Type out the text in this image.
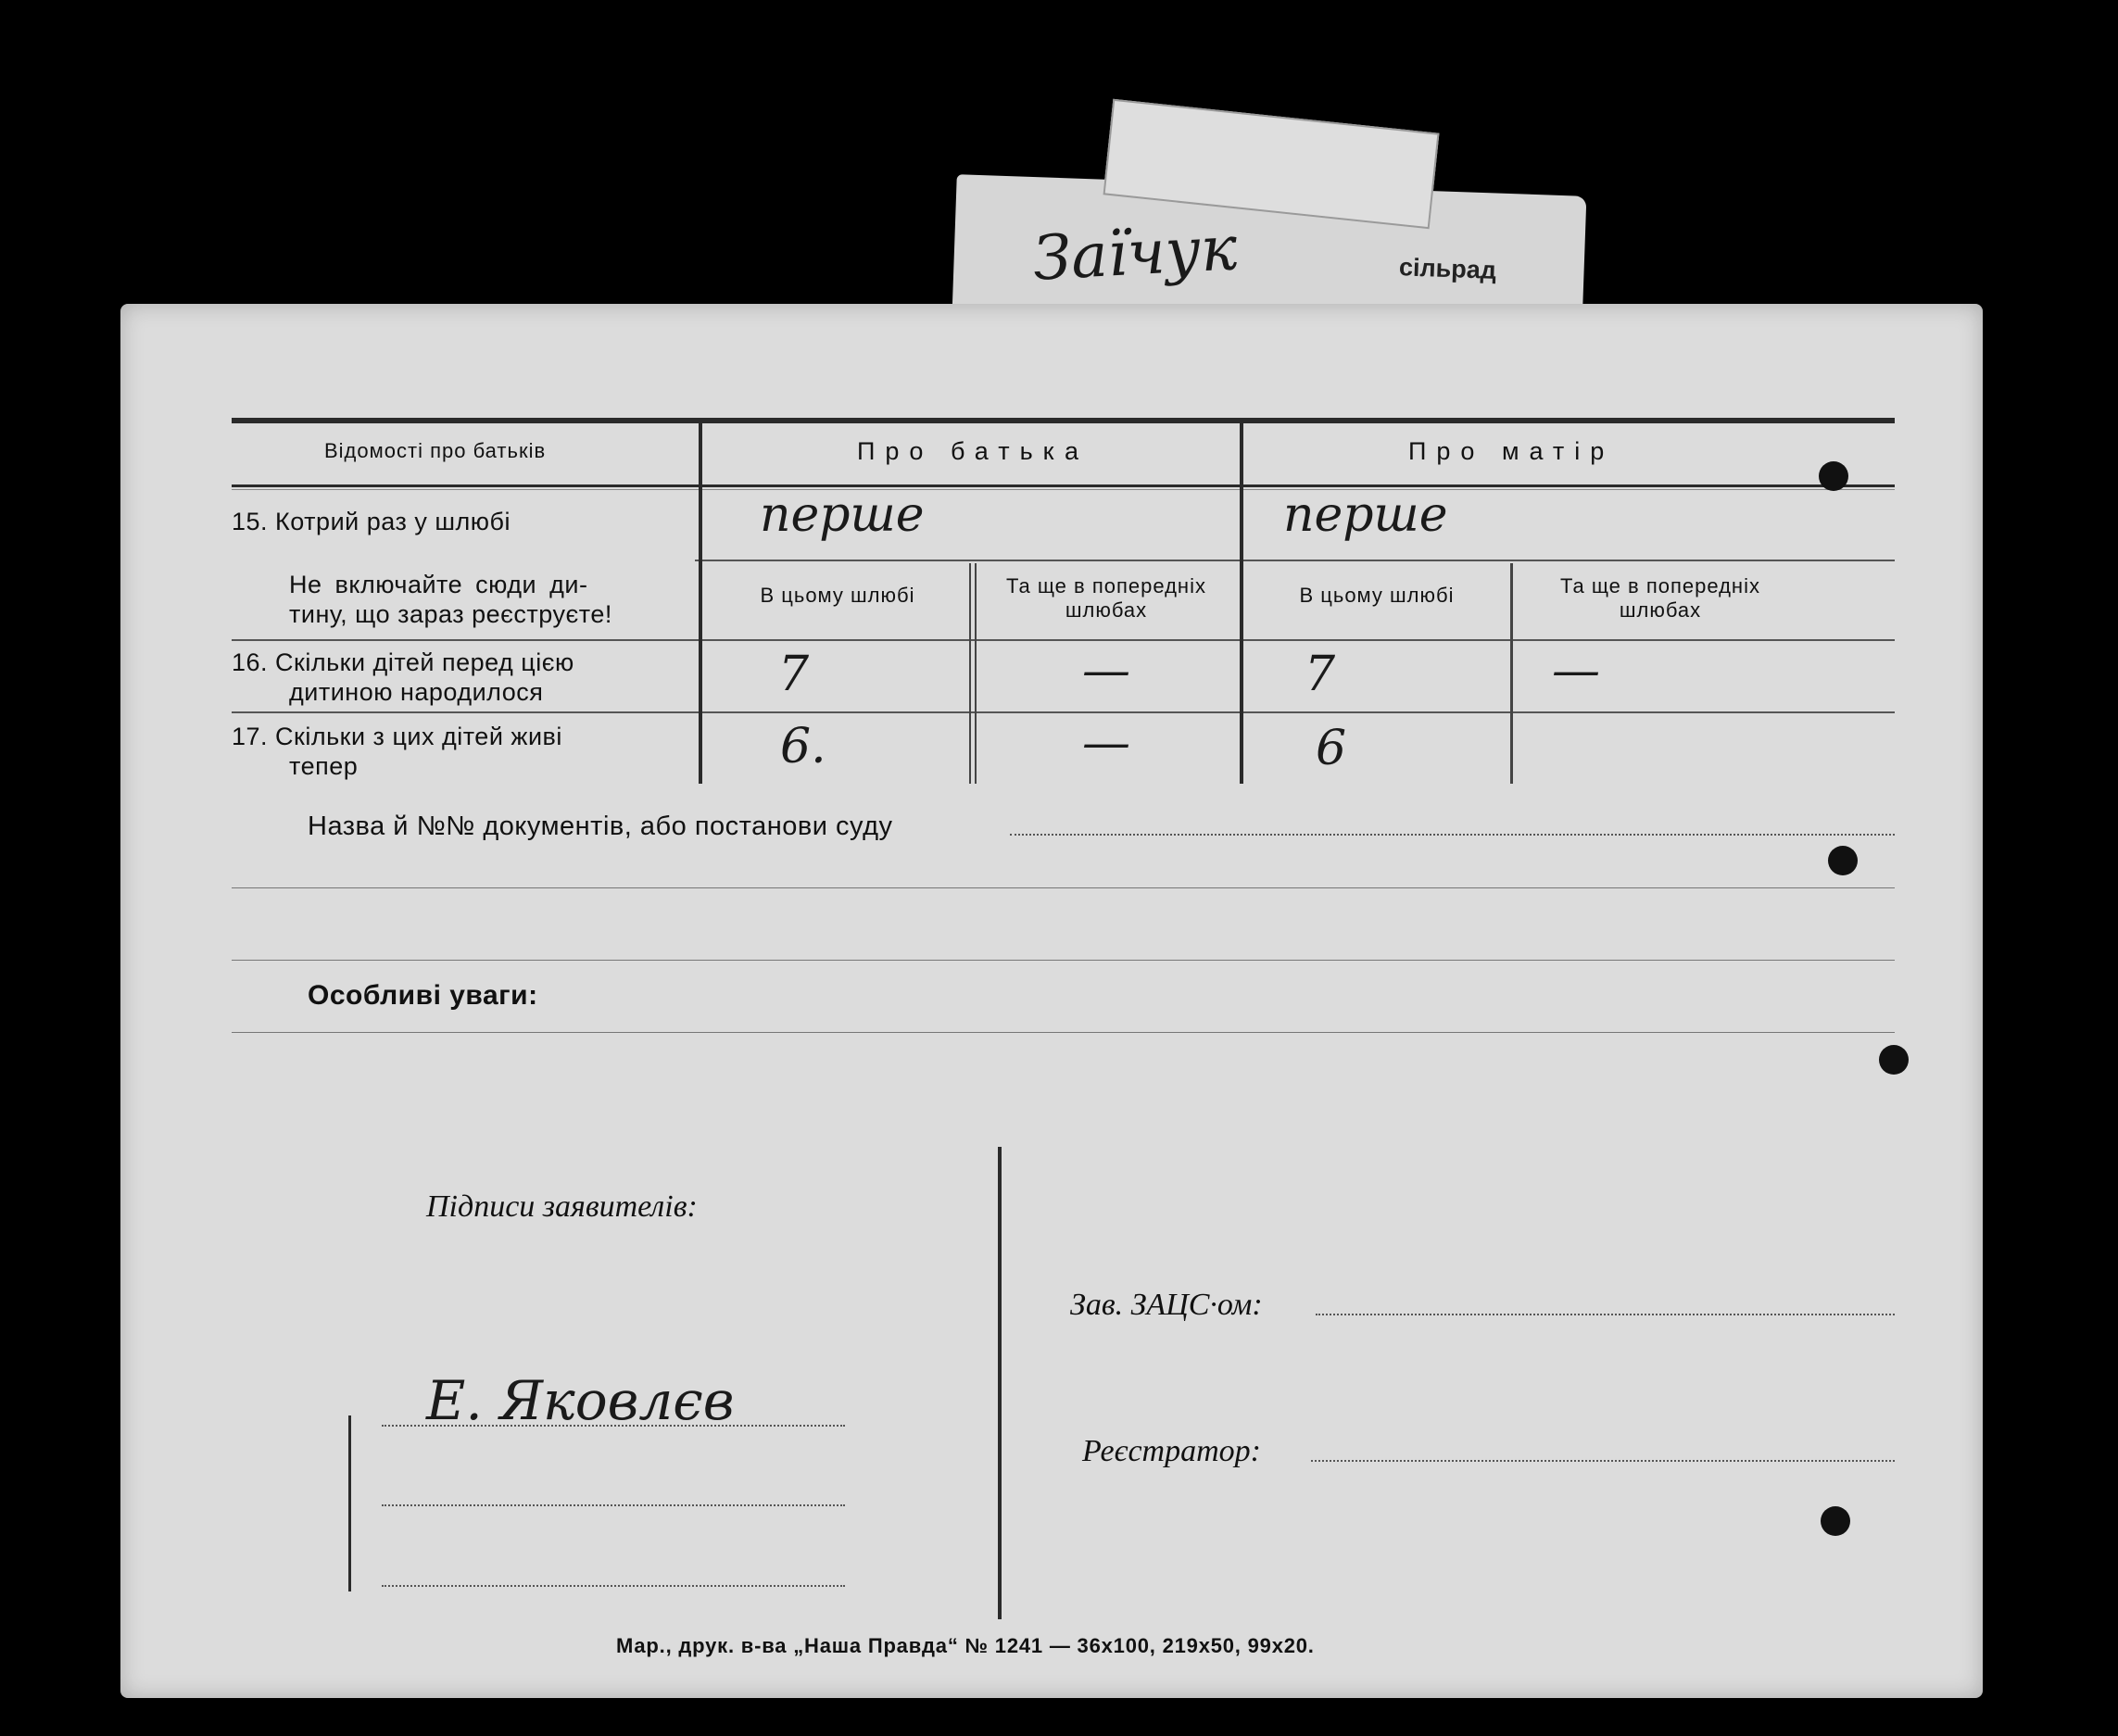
Заїчук	сільрад
Відомості про батьків	Про батька	Про матір
15. Котрий раз у шлюбі	перше	перше
Не включайте сюди ди-
тину, що зараз реєструєте!
В цьому шлюбі	Та ще в попередніх шлюбах
В цьому шлюбі	Та ще в попередніх шлюбах
16. Скільки дітей перед цією
дитиною народилося	7	—	7	—
17. Скільки з цих дітей живі
тепер	6.	—	6
Назва й №№ документів, або постанови суду
Особливі уваги:
Підписи заявителів:
Е. Яковлєв
Зав. ЗАЦС·ом:
Реєстратор:
Мар., друк. в-ва „Наша Правда“ № 1241 — 36х100, 219х50, 99х20.
